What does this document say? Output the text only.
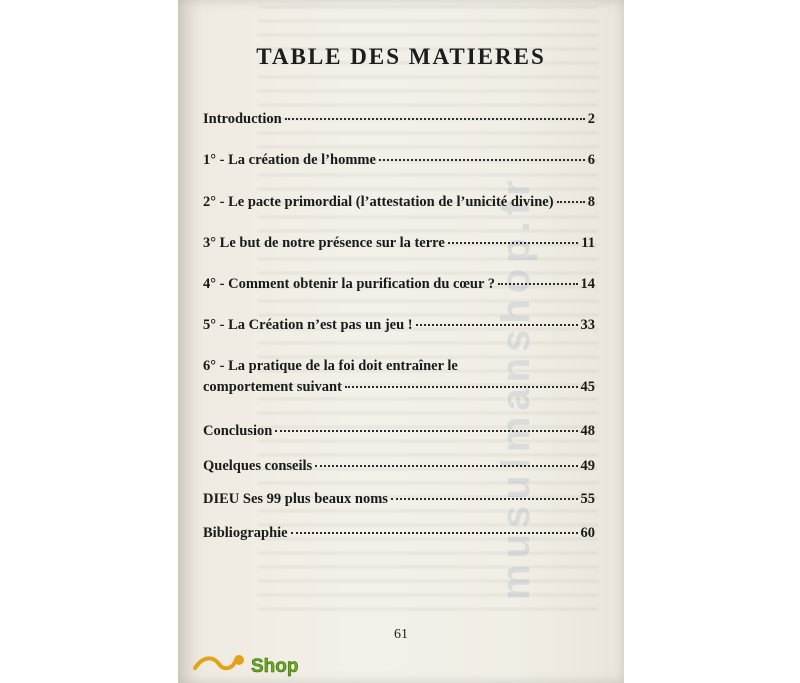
musulmanshop.fr
TABLE DES MATIERES
Introduction	2
1° - La création de l’homme	6
2° - Le pacte primordial (l’attestation de l’unicité divine) 8
3° Le but de notre présence sur la terre	11
4° - Comment obtenir la purification du cœur ?	14
5° - La Création n’est pas un jeu !	33
6° - La pratique de la foi doit entraîner le
comportement suivant	45
Conclusion	48
Quelques conseils	49
DIEU Ses 99 plus beaux noms	55
Bibliographie	60
61
Shop
